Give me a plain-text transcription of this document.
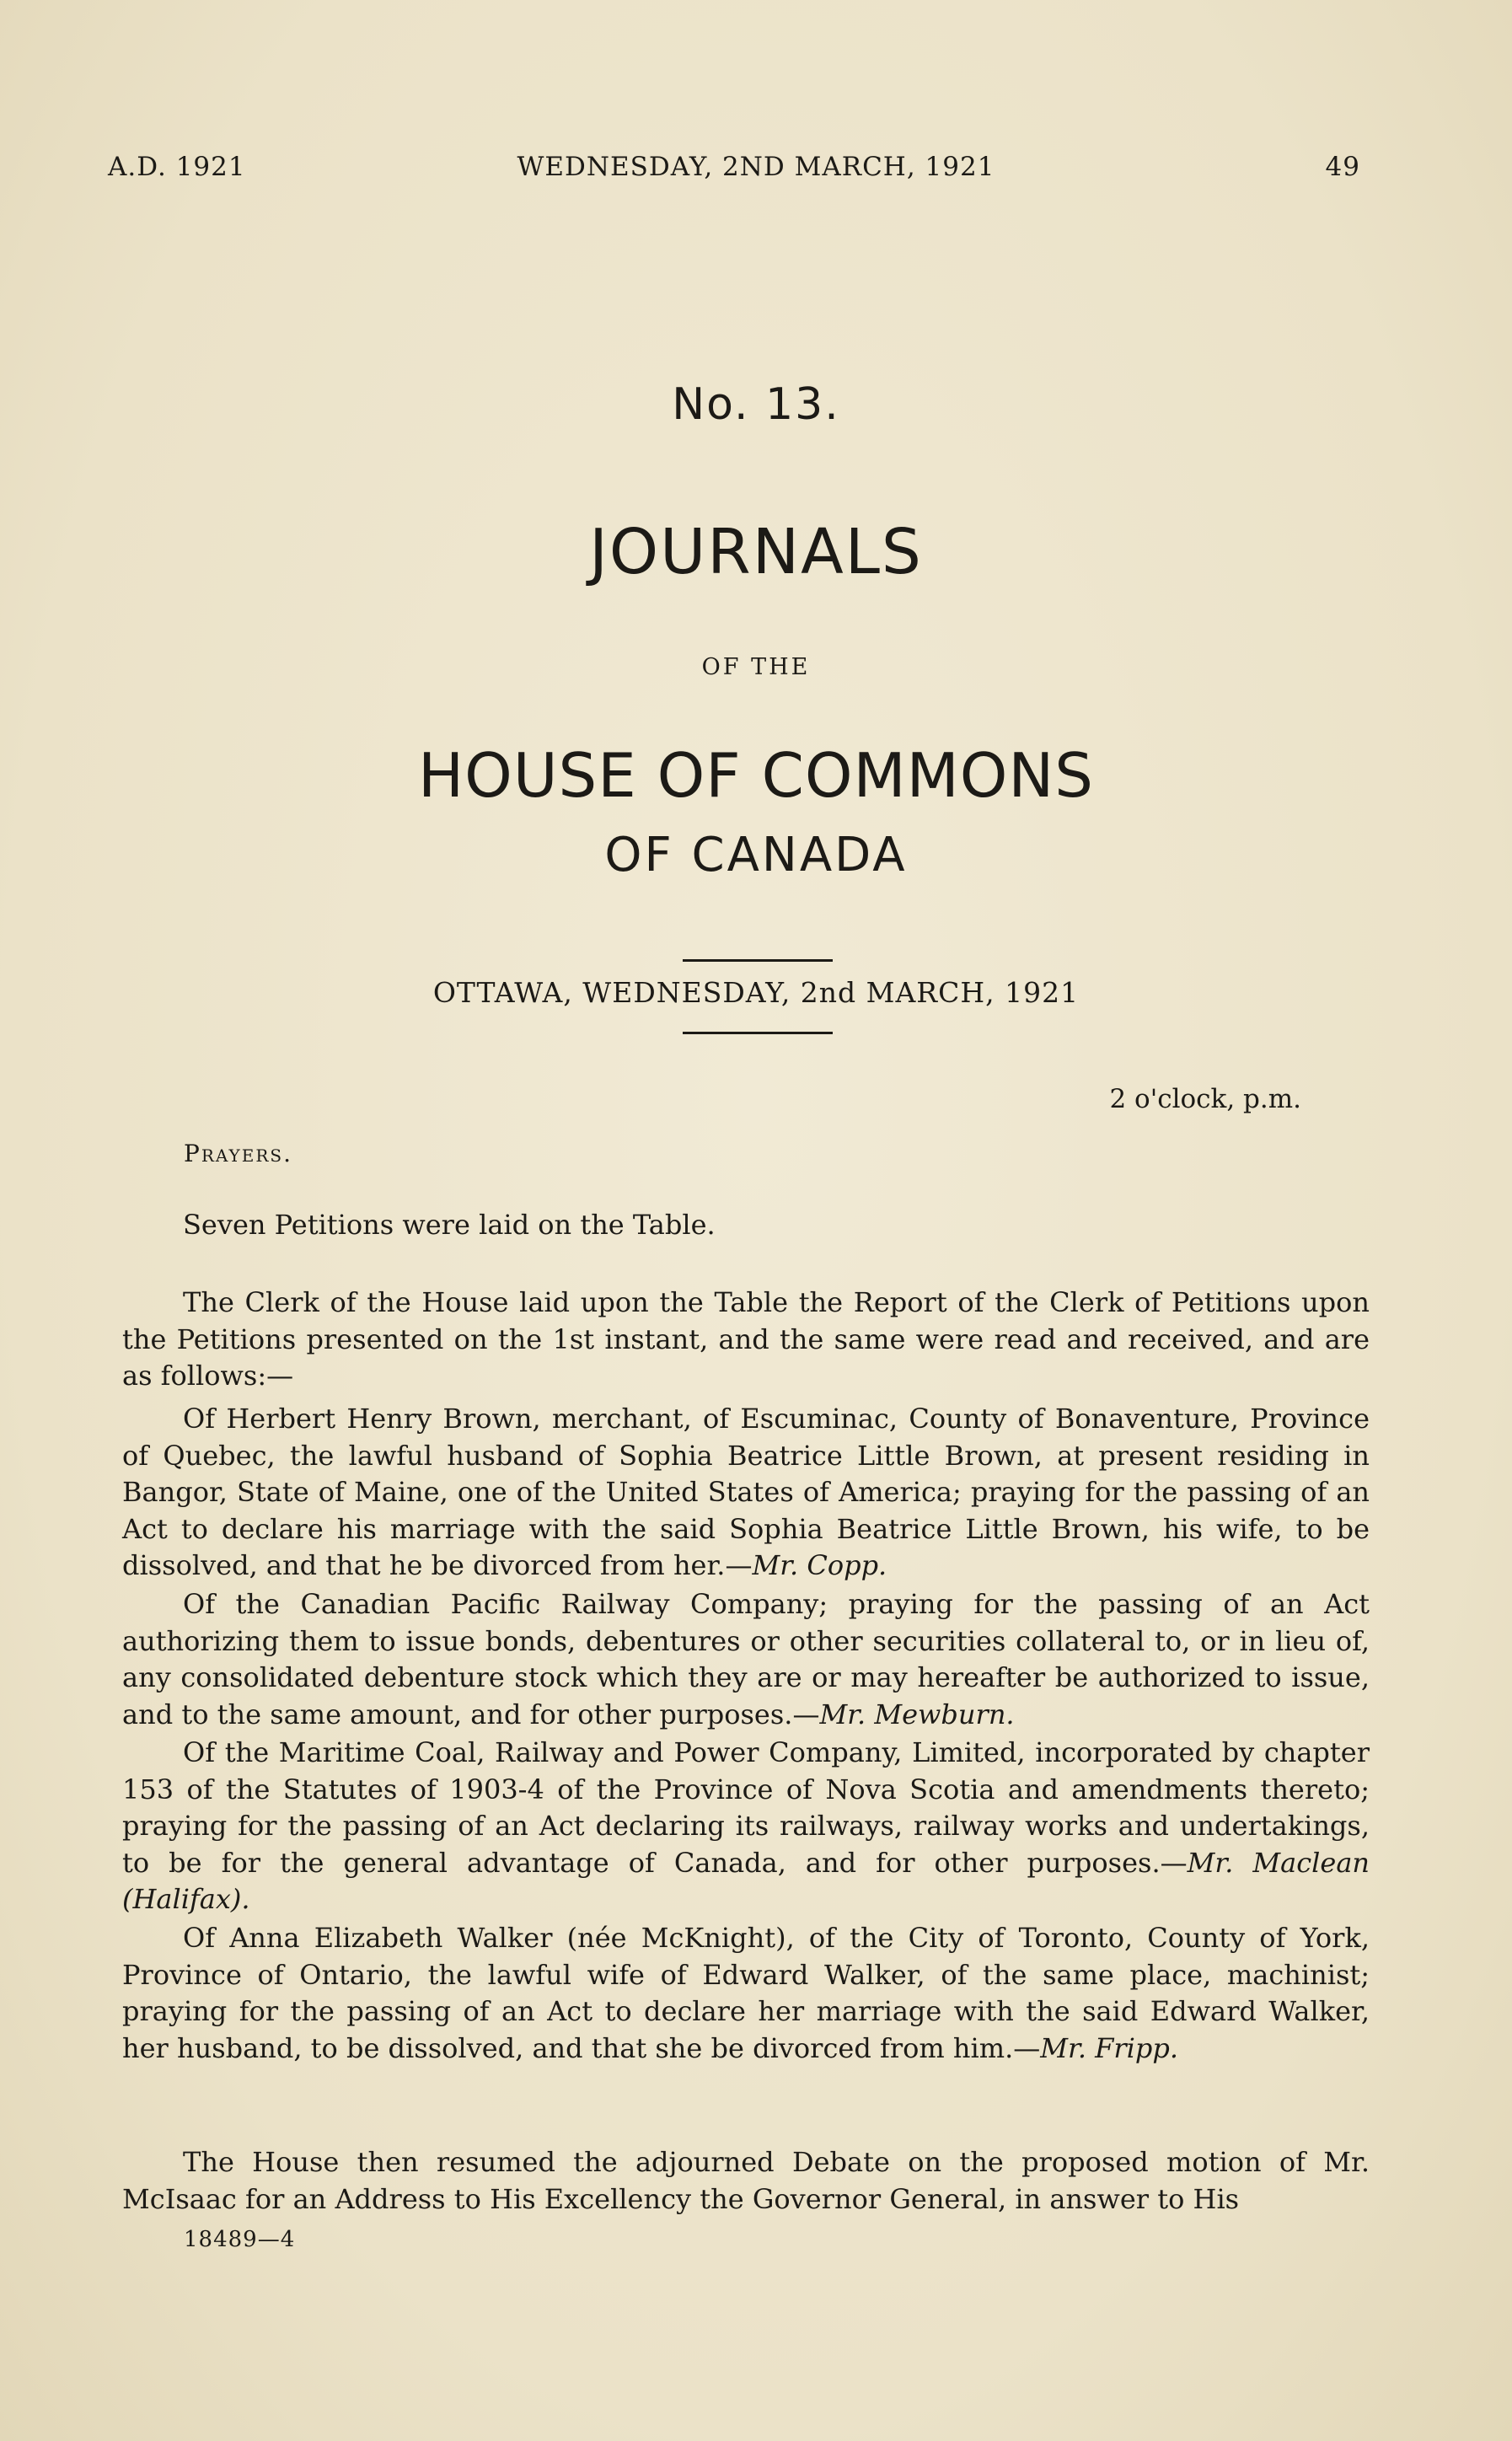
A.D. 1921	WEDNESDAY, 2ND MARCH, 1921	49
No. 13.
JOURNALS
OF THE
HOUSE OF COMMONS
OF CANADA
OTTAWA, WEDNESDAY, 2nd MARCH, 1921
2 o'clock, p.m.
Prayers.
Seven Petitions were laid on the Table.
The Clerk of the House laid upon the Table the Report of the Clerk of Petitions upon the Petitions presented on the 1st instant, and the same were read and received, and are as follows:—
Of Herbert Henry Brown, merchant, of Escuminac, County of Bonaventure, Province of Quebec, the lawful husband of Sophia Beatrice Little Brown, at present residing in Bangor, State of Maine, one of the United States of America; praying for the passing of an Act to declare his marriage with the said Sophia Beatrice Little Brown, his wife, to be dissolved, and that he be divorced from her.—Mr. Copp.
Of the Canadian Pacific Railway Company; praying for the passing of an Act authorizing them to issue bonds, debentures or other securities collateral to, or in lieu of, any consolidated debenture stock which they are or may hereafter be authorized to issue, and to the same amount, and for other purposes.—Mr. Mewburn.
Of the Maritime Coal, Railway and Power Company, Limited, incorporated by chapter 153 of the Statutes of 1903-4 of the Province of Nova Scotia and amendments thereto; praying for the passing of an Act declaring its railways, railway works and undertakings, to be for the general advantage of Canada, and for other purposes.—Mr. Maclean (Halifax).
Of Anna Elizabeth Walker (née McKnight), of the City of Toronto, County of York, Province of Ontario, the lawful wife of Edward Walker, of the same place, machinist; praying for the passing of an Act to declare her marriage with the said Edward Walker, her husband, to be dissolved, and that she be divorced from him.—Mr. Fripp.
The House then resumed the adjourned Debate on the proposed motion of Mr. McIsaac for an Address to His Excellency the Governor General, in answer to His
18489—4
